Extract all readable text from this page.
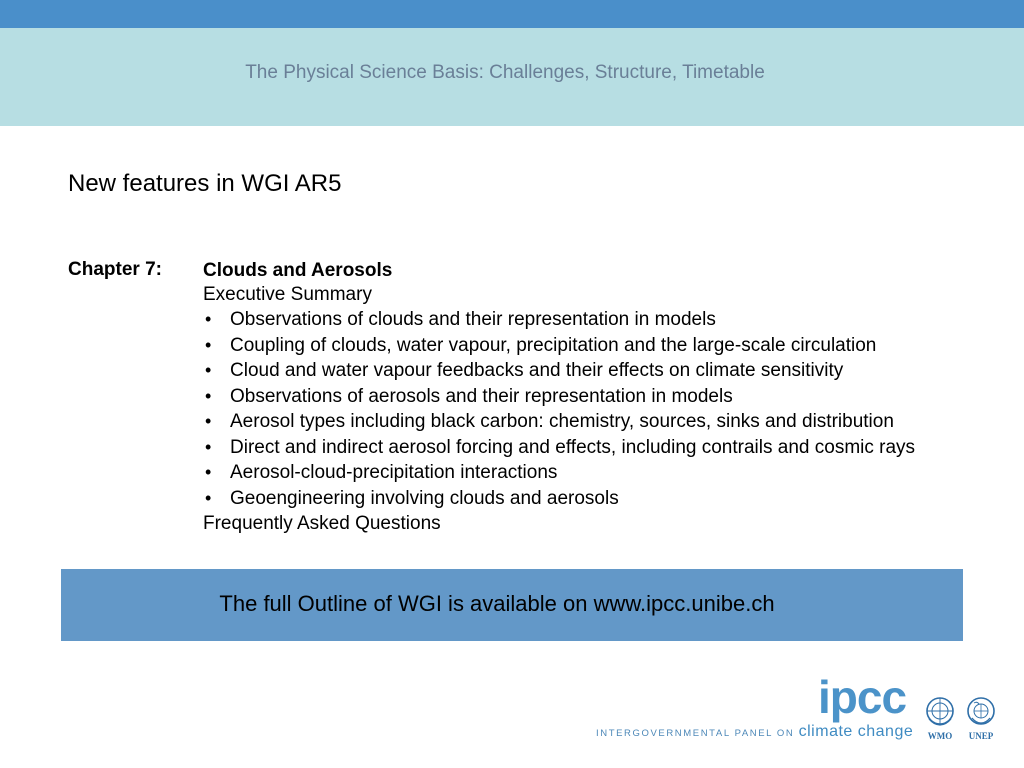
The Physical Science Basis: Challenges, Structure, Timetable
New features in WGI AR5
Chapter 7: Clouds and Aerosols
Executive Summary
• Observations of clouds and their representation in models
• Coupling of clouds, water vapour, precipitation and the large-scale circulation
• Cloud and water vapour feedbacks and their effects on climate sensitivity
• Observations of aerosols and their representation in models
• Aerosol types including black carbon: chemistry, sources, sinks and distribution
• Direct and indirect aerosol forcing and effects, including contrails and cosmic rays
• Aerosol-cloud-precipitation interactions
• Geoengineering involving clouds and aerosols
Frequently Asked Questions
The full Outline of WGI is available on www.ipcc.unibe.ch
ipcc
INTERGOVERNMENTAL PANEL ON climate change	WMO	UNEP
